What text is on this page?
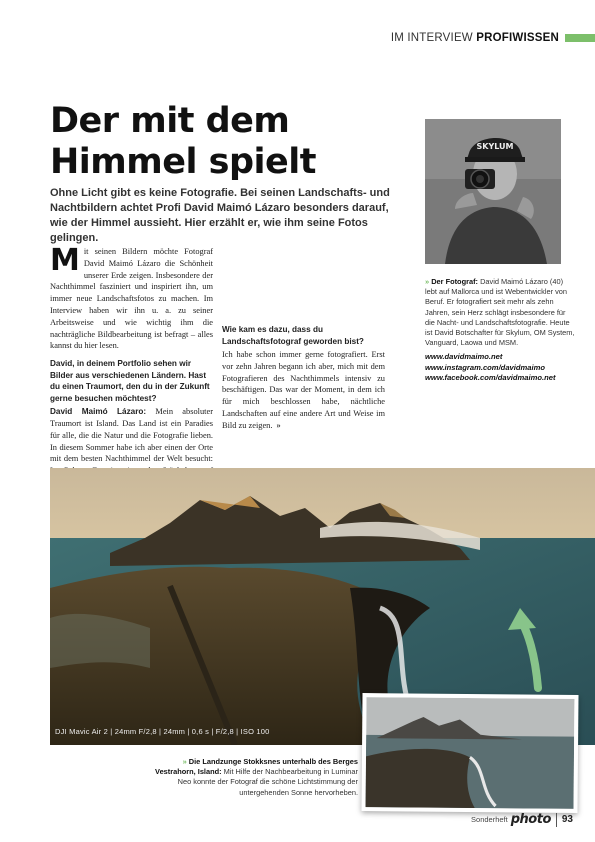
IM INTERVIEW PROFIWISSEN
Der mit dem Himmel spielt

Ohne Licht gibt es keine Fotografie. Bei seinen Landschafts- und Nachtbildern achtet Profi David Maimó Lázaro besonders darauf, wie der Himmel aussieht. Hier erzählt er, wie ihm seine Fotos gelingen.

Mit seinen Bildern möchte Fotograf David Maimó Lázaro die Schönheit unserer Erde zeigen. Insbesondere der Nachthimmel fasziniert und inspiriert ihn, um immer neue Landschaftsfotos zu machen. Im Interview haben wir ihn u. a. zu seiner Arbeitsweise und wie wichtig ihm die nachträgliche Bildbearbeitung ist befragt – alles kannst du hier lesen.

David, in deinem Portfolio sehen wir Bilder aus verschiedenen Ländern. Hast du einen Traumort, den du in der Zukunft gerne besuchen möchtest?

David Maimó Lázaro: Mein absoluter Traumort ist Island. Das Land ist ein Paradies für alle, die die Natur und die Fotografie lieben. In diesem Sommer habe ich aber einen der Orte mit dem besten Nachthimmel der Welt besucht:

Wie kam es dazu, dass du Landschaftsfotograf geworden bist?

Ich habe schon immer gerne fotografiert. Erst vor zehn Jahren begann ich aber, mich mit dem Fotografieren des Nachthimmels intensiv zu beschäftigen. Das war der Moment, in dem ich für mich beschlossen habe, nächtliche Landschaften auf eine andere Art und Weise im Bild zu zeigen. »

SKYLUM
» Der Fotograf: David Maimó Lázaro (40) lebt auf Mallorca und ist Webentwickler von Beruf. Er fotografiert seit mehr als zehn Jahren, sein Herz schlägt insbesondere für die Nacht- und Landschaftsfotografie. Heute ist David Botschafter für Skylum, OM System, Vanguard, Laowa und MSM.
www.davidmaimo.net
www.instagram.com/davidmaimo
www.facebook.com/davidmaimo.net
DJI Mavic Air 2 | 24mm F/2,8 | 24mm | 0,6 s | F/2,8 | ISO 100
» Die Landzunge Stokksnes unterhalb des Berges Vestrahorn, Island: Mit Hilfe der Nachbearbeitung in Luminar Neo konnte der Fotograf die schöne Lichtstimmung der untergehenden Sonne hervorheben.
Sonderheft photo 93
